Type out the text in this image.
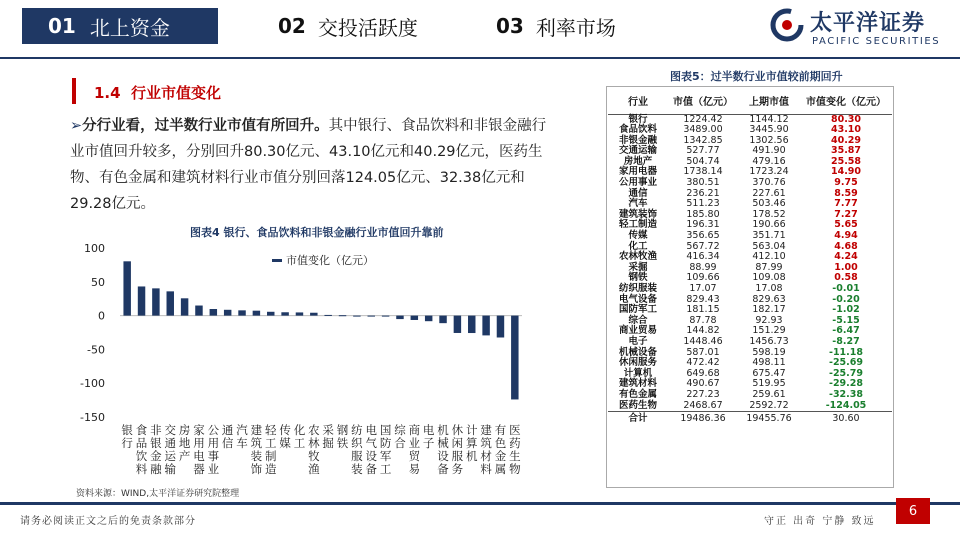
01 北上资金	02 交投活跃度	03 利率市场	太平洋证券
PACIFIC SECURITIES
1.4 行业市值变化
➢分行业看，过半数行业市值有所回升。其中银行、食品饮料和非银金融行业市值回升较多，分别回升80.30亿元、43.10亿元和40.29亿元，医药生物、有色金属和建筑材料行业市值分别回落124.05亿元、32.38亿元和29.28亿元。
图表4 银行、食品饮料和非银金融行业市值回升靠前
市值变化（亿元）
100
50
0
-50
-100
-150
银
行
食
品
饮
料
非
银
金
融
交
通
运
输
房
地
产
家
用
电
器
公
用
事
业
通
信
汽
车
建
筑
装
饰
轻
工
制
造
传
媒
化
工
农
林
牧
渔
采
掘
钢
铁
纺
织
服
装
电
气
设
备
国
防
军
工
综
合
商
业
贸
易
电
子
机
械
设
备
休
闲
服
务
计
算
机
建
筑
材
料
有
色
金
属
医
药
生
物
资料来源：WIND,太平洋证券研究院整理
图表5：过半数行业市值较前期回升
行业	市值（亿元）	上期市值	市值变化（亿元）
银行	1224.42	1144.12	80.30
食品饮料	3489.00	3445.90	43.10
非银金融	1342.85	1302.56	40.29
交通运输	527.77	491.90	35.87
房地产	504.74	479.16	25.58
家用电器	1738.14	1723.24	14.90
公用事业	380.51	370.76	9.75
通信	236.21	227.61	8.59
汽车	511.23	503.46	7.77
建筑装饰	185.80	178.52	7.27
轻工制造	196.31	190.66	5.65
传媒	356.65	351.71	4.94
化工	567.72	563.04	4.68
农林牧渔	416.34	412.10	4.24
采掘	88.99	87.99	1.00
钢铁	109.66	109.08	0.58
纺织服装	17.07	17.08	-0.01
电气设备	829.43	829.63	-0.20
国防军工	181.15	182.17	-1.02
综合	87.78	92.93	-5.15
商业贸易	144.82	151.29	-6.47
电子	1448.46	1456.73	-8.27
机械设备	587.01	598.19	-11.18
休闲服务	472.42	498.11	-25.69
计算机	649.68	675.47	-25.79
建筑材料	490.67	519.95	-29.28
有色金属	227.23	259.61	-32.38
医药生物	2468.67	2592.72	-124.05
合计	19486.36	19455.76	30.60
6
请务必阅读正文之后的免责条款部分	守正 出奇 宁静 致远
